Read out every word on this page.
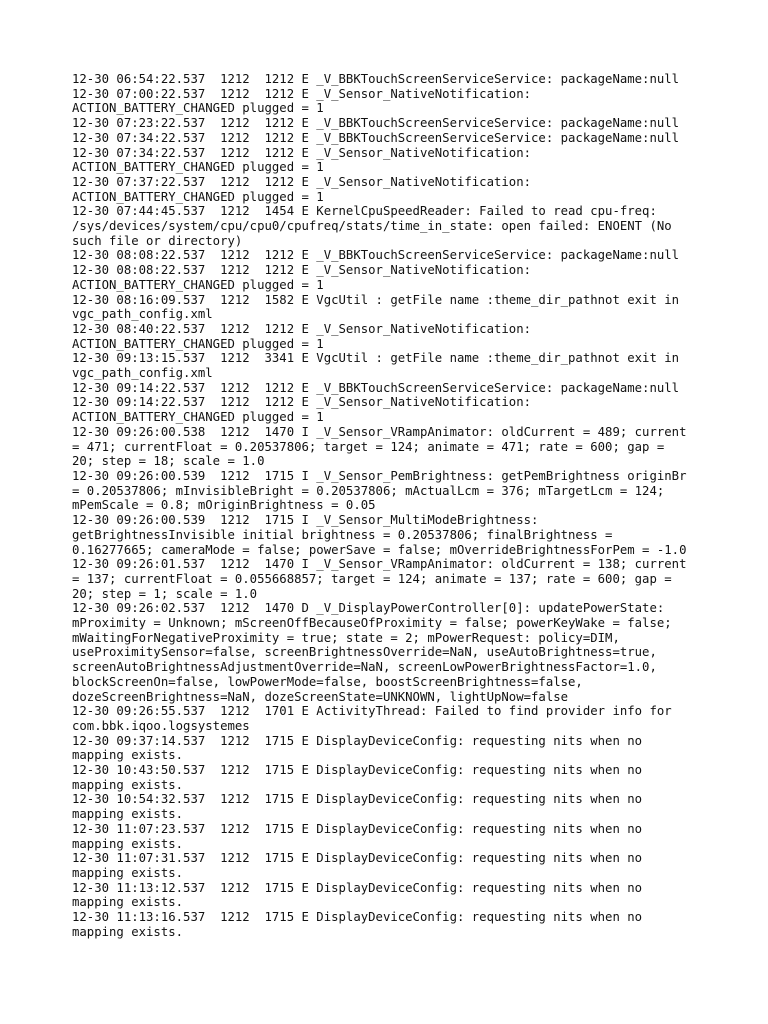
12-30 06:54:22.537  1212  1212 E _V_BBKTouchScreenServiceService: packageName:null
12-30 07:00:22.537  1212  1212 E _V_Sensor_NativeNotification:
ACTION_BATTERY_CHANGED plugged = 1
12-30 07:23:22.537  1212  1212 E _V_BBKTouchScreenServiceService: packageName:null
12-30 07:34:22.537  1212  1212 E _V_BBKTouchScreenServiceService: packageName:null
12-30 07:34:22.537  1212  1212 E _V_Sensor_NativeNotification:
ACTION_BATTERY_CHANGED plugged = 1
12-30 07:37:22.537  1212  1212 E _V_Sensor_NativeNotification:
ACTION_BATTERY_CHANGED plugged = 1
12-30 07:44:45.537  1212  1454 E KernelCpuSpeedReader: Failed to read cpu-freq:
/sys/devices/system/cpu/cpu0/cpufreq/stats/time_in_state: open failed: ENOENT (No
such file or directory)
12-30 08:08:22.537  1212  1212 E _V_BBKTouchScreenServiceService: packageName:null
12-30 08:08:22.537  1212  1212 E _V_Sensor_NativeNotification:
ACTION_BATTERY_CHANGED plugged = 1
12-30 08:16:09.537  1212  1582 E VgcUtil : getFile name :theme_dir_pathnot exit in
vgc_path_config.xml
12-30 08:40:22.537  1212  1212 E _V_Sensor_NativeNotification:
ACTION_BATTERY_CHANGED plugged = 1
12-30 09:13:15.537  1212  3341 E VgcUtil : getFile name :theme_dir_pathnot exit in
vgc_path_config.xml
12-30 09:14:22.537  1212  1212 E _V_BBKTouchScreenServiceService: packageName:null
12-30 09:14:22.537  1212  1212 E _V_Sensor_NativeNotification:
ACTION_BATTERY_CHANGED plugged = 1
12-30 09:26:00.538  1212  1470 I _V_Sensor_VRampAnimator: oldCurrent = 489; current
= 471; currentFloat = 0.20537806; target = 124; animate = 471; rate = 600; gap =
20; step = 18; scale = 1.0
12-30 09:26:00.539  1212  1715 I _V_Sensor_PemBrightness: getPemBrightness originBr
= 0.20537806; mInvisibleBright = 0.20537806; mActualLcm = 376; mTargetLcm = 124;
mPemScale = 0.8; mOriginBrightness = 0.05
12-30 09:26:00.539  1212  1715 I _V_Sensor_MultiModeBrightness:
getBrightnessInvisible initial brightness = 0.20537806; finalBrightness =
0.16277665; cameraMode = false; powerSave = false; mOverrideBrightnessForPem = -1.0
12-30 09:26:01.537  1212  1470 I _V_Sensor_VRampAnimator: oldCurrent = 138; current
= 137; currentFloat = 0.055668857; target = 124; animate = 137; rate = 600; gap =
20; step = 1; scale = 1.0
12-30 09:26:02.537  1212  1470 D _V_DisplayPowerController[0]: updatePowerState:
mProximity = Unknown; mScreenOffBecauseOfProximity = false; powerKeyWake = false;
mWaitingForNegativeProximity = true; state = 2; mPowerRequest: policy=DIM,
useProximitySensor=false, screenBrightnessOverride=NaN, useAutoBrightness=true,
screenAutoBrightnessAdjustmentOverride=NaN, screenLowPowerBrightnessFactor=1.0,
blockScreenOn=false, lowPowerMode=false, boostScreenBrightness=false,
dozeScreenBrightness=NaN, dozeScreenState=UNKNOWN, lightUpNow=false
12-30 09:26:55.537  1212  1701 E ActivityThread: Failed to find provider info for
com.bbk.iqoo.logsystemes
12-30 09:37:14.537  1212  1715 E DisplayDeviceConfig: requesting nits when no
mapping exists.
12-30 10:43:50.537  1212  1715 E DisplayDeviceConfig: requesting nits when no
mapping exists.
12-30 10:54:32.537  1212  1715 E DisplayDeviceConfig: requesting nits when no
mapping exists.
12-30 11:07:23.537  1212  1715 E DisplayDeviceConfig: requesting nits when no
mapping exists.
12-30 11:07:31.537  1212  1715 E DisplayDeviceConfig: requesting nits when no
mapping exists.
12-30 11:13:12.537  1212  1715 E DisplayDeviceConfig: requesting nits when no
mapping exists.
12-30 11:13:16.537  1212  1715 E DisplayDeviceConfig: requesting nits when no
mapping exists.
